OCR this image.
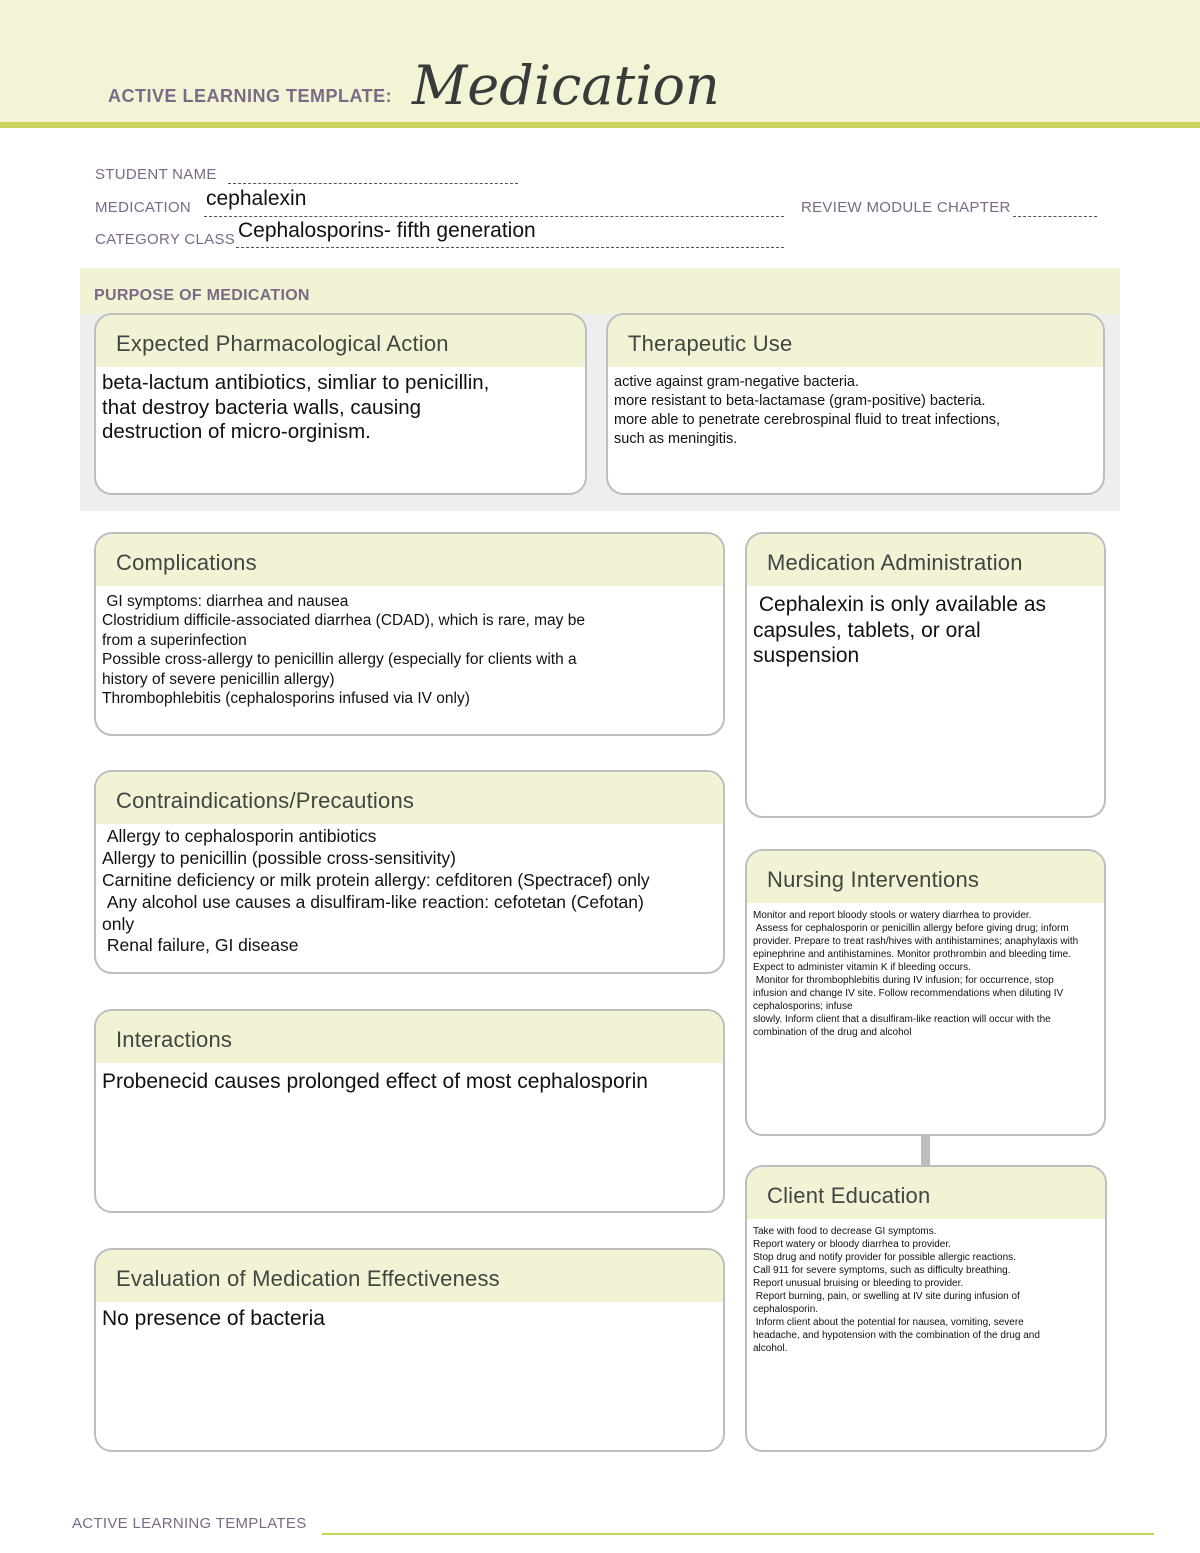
ACTIVE LEARNING TEMPLATE: Medication
STUDENT NAME
MEDICATION cephalexin	REVIEW MODULE CHAPTER
CATEGORY CLASS Cephalosporins- fifth generation
PURPOSE OF MEDICATION
Expected Pharmacological Action
beta-lactum antibiotics, simliar to penicillin,
that destroy bacteria walls, causing
destruction of micro-orginism.
Therapeutic Use
active against gram-negative bacteria.
more resistant to beta-lactamase (gram-positive) bacteria.
more able to penetrate cerebrospinal fluid to treat infections,
such as meningitis.
Complications
GI symptoms: diarrhea and nausea
Clostridium difficile-associated diarrhea (CDAD), which is rare, may be
from a superinfection
Possible cross-allergy to penicillin allergy (especially for clients with a
history of severe penicillin allergy)
Thrombophlebitis (cephalosporins infused via IV only)
Medication Administration
Cephalexin is only available as
capsules, tablets, or oral
suspension
Contraindications/Precautions
Allergy to cephalosporin antibiotics
Allergy to penicillin (possible cross-sensitivity)
Carnitine deficiency or milk protein allergy: cefditoren (Spectracef) only
Any alcohol use causes a disulfiram-like reaction: cefotetan (Cefotan)
only
Renal failure, GI disease
Nursing Interventions
Monitor and report bloody stools or watery diarrhea to provider.
Assess for cephalosporin or penicillin allergy before giving drug; inform
provider. Prepare to treat rash/hives with antihistamines; anaphylaxis with
epinephrine and antihistamines. Monitor prothrombin and bleeding time.
Expect to administer vitamin K if bleeding occurs.
Monitor for thrombophlebitis during IV infusion; for occurrence, stop
infusion and change IV site. Follow recommendations when diluting IV cephalosporins; infuse
slowly. Inform client that a disulfiram-like reaction will occur with the
combination of the drug and alcohol
Interactions
Probenecid causes prolonged effect of most cephalosporin
Client Education
Take with food to decrease GI symptoms.
Report watery or bloody diarrhea to provider.
Stop drug and notify provider for possible allergic reactions.
Call 911 for severe symptoms, such as difficulty breathing.
Report unusual bruising or bleeding to provider.
Report burning, pain, or swelling at IV site during infusion of
cephalosporin.
Inform client about the potential for nausea, vomiting, severe
headache, and hypotension with the combination of the drug and
alcohol.
Evaluation of Medication Effectiveness
No presence of bacteria
ACTIVE LEARNING TEMPLATES
